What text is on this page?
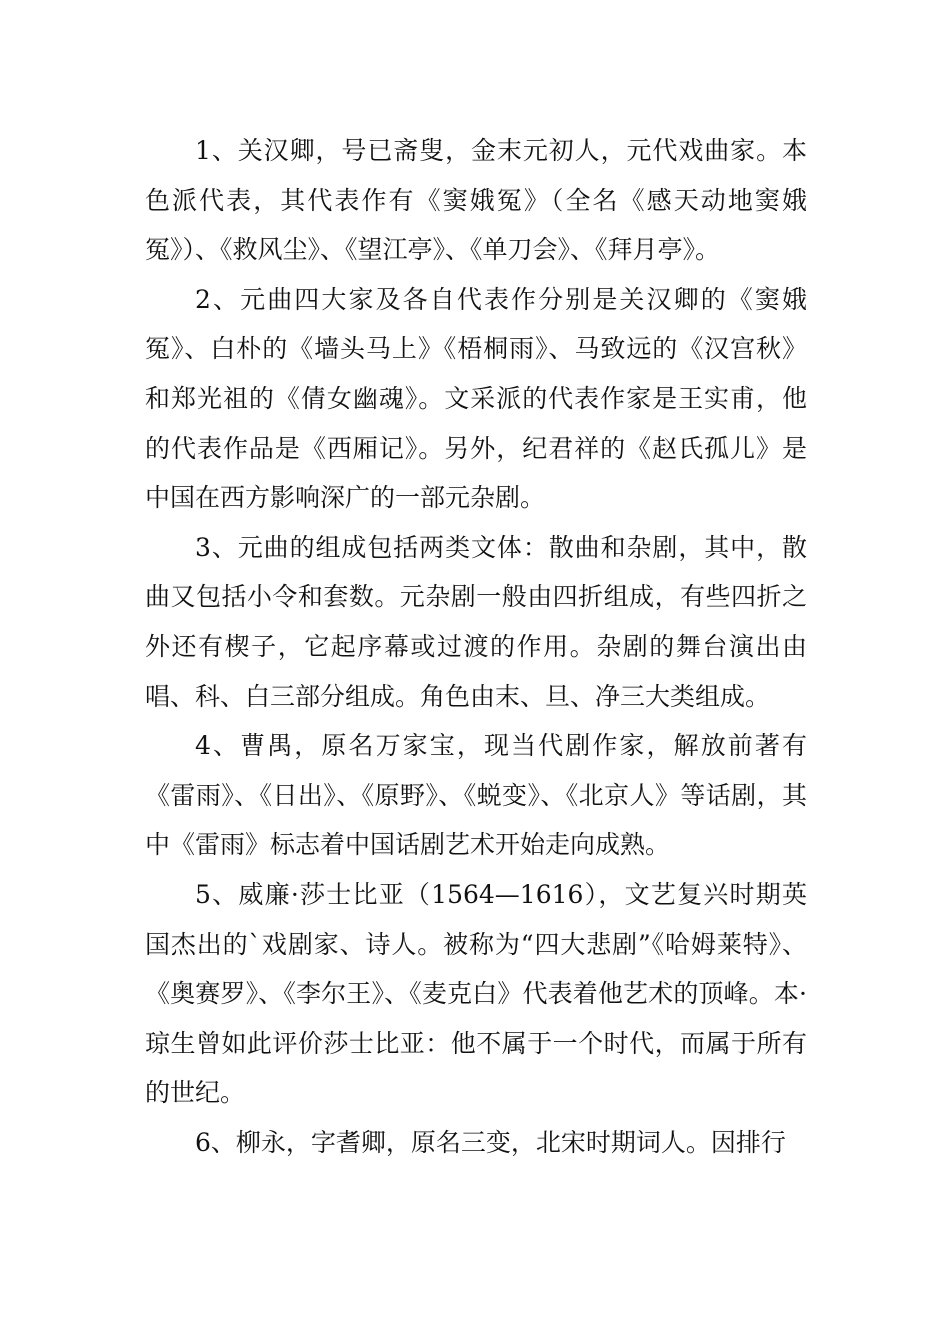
1、关汉卿，号已斋叟，金末元初人，元代戏曲家。本色派代表，其代表作有《窦娥冤》（全名《感天动地窦娥冤》）、《救风尘》、《望江亭》、《单刀会》、《拜月亭》。

2、元曲四大家及各自代表作分别是关汉卿的《窦娥冤》、白朴的《墙头马上》《梧桐雨》、马致远的《汉宫秋》和郑光祖的《倩女幽魂》。文采派的代表作家是王实甫，他的代表作品是《西厢记》。另外，纪君祥的《赵氏孤儿》是中国在西方影响深广的一部元杂剧。

3、元曲的组成包括两类文体：散曲和杂剧，其中，散曲又包括小令和套数。元杂剧一般由四折组成，有些四折之外还有楔子，它起序幕或过渡的作用。杂剧的舞台演出由唱、科、白三部分组成。角色由末、旦、净三大类组成。

4、曹禺，原名万家宝，现当代剧作家，解放前著有《雷雨》、《日出》、《原野》、《蜕变》、《北京人》等话剧，其中《雷雨》标志着中国话剧艺术开始走向成熟。

5、威廉·莎士比亚（1564—1616），文艺复兴时期英国杰出的`戏剧家、诗人。被称为“四大悲剧”《哈姆莱特》、《奥赛罗》、《李尔王》、《麦克白》代表着他艺术的顶峰。本·琼生曾如此评价莎士比亚：他不属于一个时代，而属于所有的世纪。

6、柳永，字耆卿，原名三变，北宋时期词人。因排行
